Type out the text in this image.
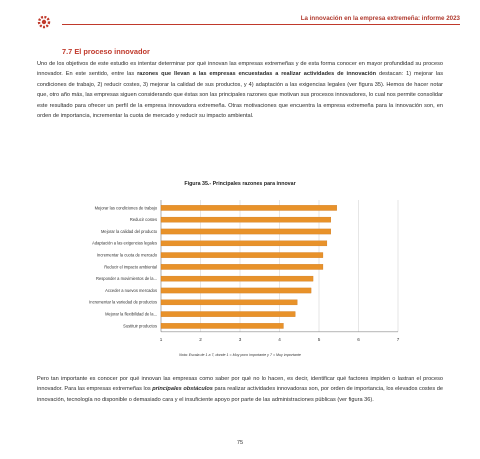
La innovación en la empresa extremeña: informe 2023
7.7 El proceso innovador
Uno de los objetivos de este estudio es intentar determinar por qué innovan las empresas extremeñas y de esta forma conocer en mayor profundidad su proceso innovador. En este sentido, entre las razones que llevan a las empresas encuestadas a realizar actividades de innovación destacan: 1) mejorar las condiciones de trabajo, 2) reducir costes, 3) mejorar la calidad de sus productos, y 4) adaptación a las exigencias legales (ver figura 35). Hemos de hacer notar que, otro año más, las empresas siguen considerando que éstas son las principales razones que motivan sus procesos innovadores, lo cual nos permite consolidar este resultado para ofrecer un perfil de la empresa innovadora extremeña. Otras motivaciones que encuentra la empresa extremeña para la innovación son, en orden de importancia, incrementar la cuota de mercado y reducir su impacto ambiental.
Figura 35.- Principales razones para innovar
Mejorar las condiciones de trabajo
Reducir costes
Mejorar la calidad del producto
Adaptación a las exigencias legales
Incrementar la cuota de mercado
Reducir el impacto ambiental
Responder a movimientos de la...
Acceder a nuevos mercados
Incrementar la variedad de productos
Mejorar la flexibilidad de la...
Sustituir productos
1	2	3	4	5	6	7
Nota: Escala de 1 a 7, donde 1 = Muy poco importante y 7 = Muy importante
Pero tan importante es conocer por qué innovan las empresas como saber por qué no lo hacen, es decir, identificar qué factores impiden o lastran el proceso innovador. Para las empresas extremeñas los principales obstáculos para realizar actividades innovadoras son, por orden de importancia, los elevados costes de innovación, tecnología no disponible o demasiado cara y el insuficiente apoyo por parte de las administraciones públicas (ver figura 36).
75
